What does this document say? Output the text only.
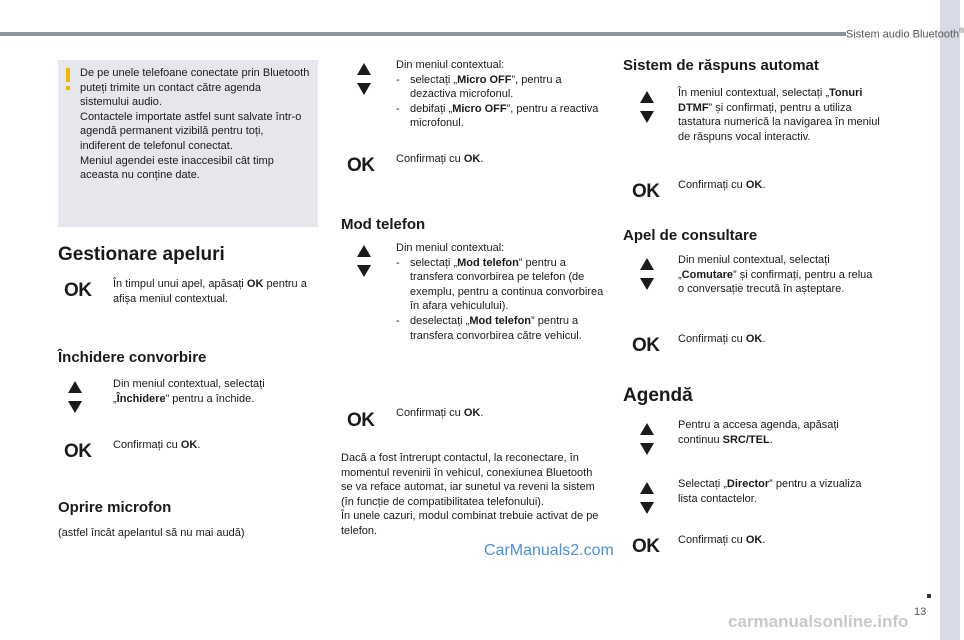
Sistem audio Bluetooth®
De pe unele telefoane conectate prin Bluetooth puteți trimite un contact către agenda sistemului audio.
Contactele importate astfel sunt salvate într-o agendă permanent vizibilă pentru toți, indiferent de telefonul conectat.
Meniul agendei este inaccesibil cât timp aceasta nu conține date.
Gestionare apeluri
OK În timpul unui apel, apăsați OK pentru a afișa meniul contextual.
Închidere convorbire
Din meniul contextual, selectați „Închidere” pentru a închide.
OK Confirmați cu OK.
Oprire microfon
(astfel încât apelantul să nu mai audă)
Din meniul contextual:
- selectați „Micro OFF”, pentru a dezactiva microfonul.
- debifați „Micro OFF”, pentru a reactiva microfonul.
OK Confirmați cu OK.
Mod telefon
Din meniul contextual:
- selectați „Mod telefon” pentru a transfera convorbirea pe telefon (de exemplu, pentru a continua convorbirea în afara vehiculului).
- deselectați „Mod telefon” pentru a transfera convorbirea către vehicul.
OK Confirmați cu OK.
Dacă a fost întrerupt contactul, la reconectare, în momentul revenirii în vehicul, conexiunea Bluetooth se va reface automat, iar sunetul va reveni la sistem (în funcție de compatibilitatea telefonului).
În unele cazuri, modul combinat trebuie activat de pe telefon.
CarManuals2.com
Sistem de răspuns automat
În meniul contextual, selectați „Tonuri DTMF” și confirmați, pentru a utiliza tastatura numerică la navigarea în meniul de răspuns vocal interactiv.
OK Confirmați cu OK.
Apel de consultare
Din meniul contextual, selectați „Comutare” și confirmați, pentru a relua o conversație trecută în așteptare.
OK Confirmați cu OK.
Agendă
Pentru a accesa agenda, apăsați continuu SRC/TEL.
Selectați „Director” pentru a vizualiza lista contactelor.
OK Confirmați cu OK.
13
carmanualsonline.info
